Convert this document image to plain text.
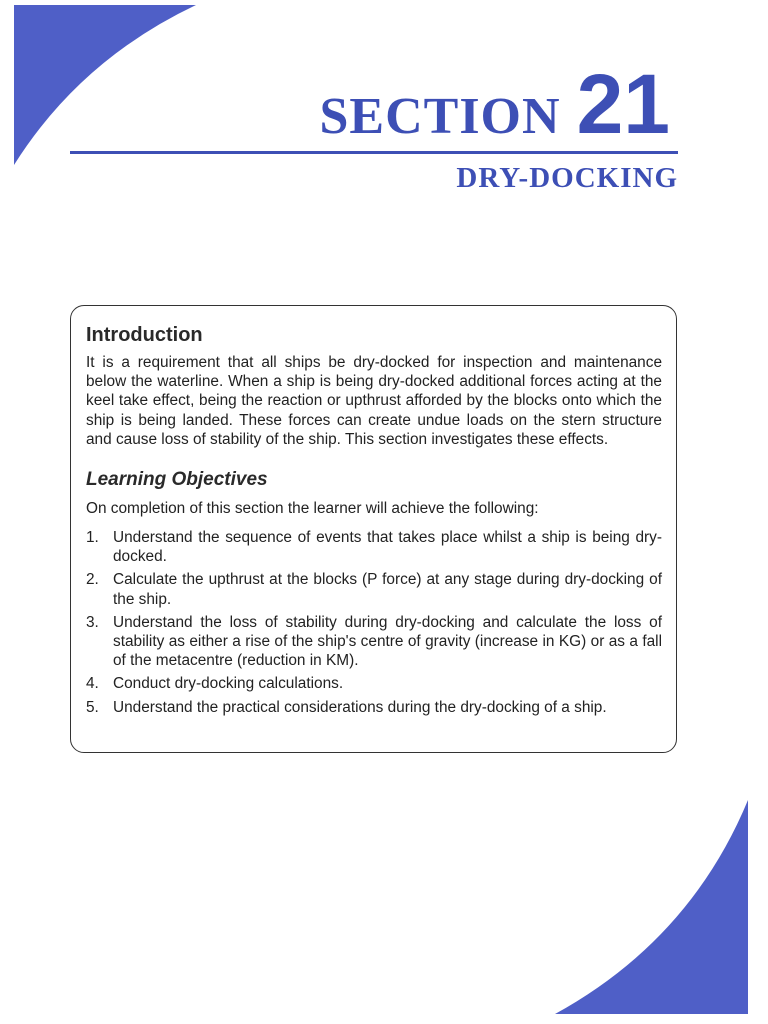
SECTION 21
DRY-DOCKING
Introduction

It is a requirement that all ships be dry-docked for inspection and maintenance below the waterline. When a ship is being dry-docked additional forces acting at the keel take effect, being the reaction or upthrust afforded by the blocks onto which the ship is being landed. These forces can create undue loads on the stern structure and cause loss of stability of the ship. This section investigates these effects.

Learning Objectives

On completion of this section the learner will achieve the following:

1. Understand the sequence of events that takes place whilst a ship is being dry-docked.
2. Calculate the upthrust at the blocks (P force) at any stage during dry-docking of the ship.
3. Understand the loss of stability during dry-docking and calculate the loss of stability as either a rise of the ship's centre of gravity (increase in KG) or as a fall of the metacentre (reduction in KM).
4. Conduct dry-docking calculations.
5. Understand the practical considerations during the dry-docking of a ship.
